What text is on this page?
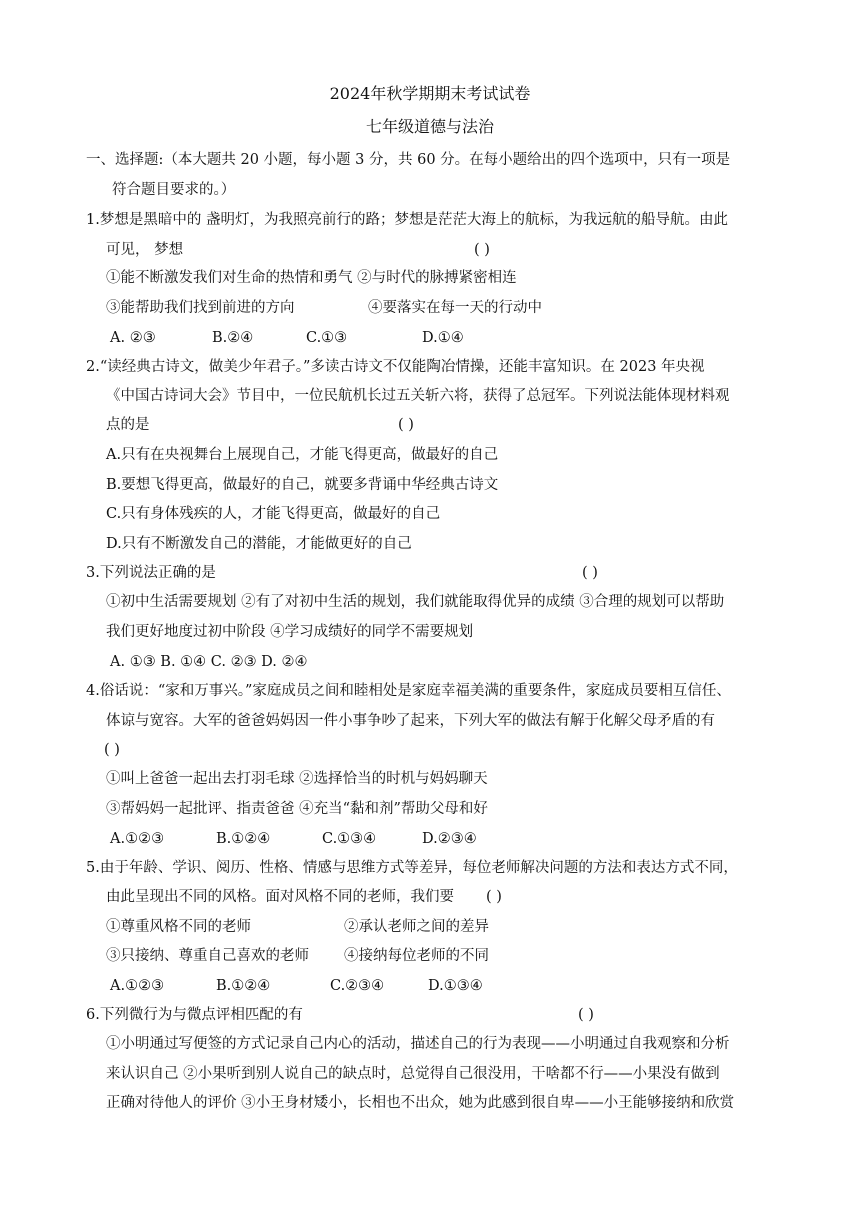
2024年秋学期期末考试试卷
七年级道德与法治
一、选择题:（本大题共 20 小题，每小题 3 分，共 60 分。在每小题给出的四个选项中，只有一项是
符合题目要求的。）
1.梦想是黑暗中的 盏明灯，为我照亮前行的路；梦想是茫茫大海上的航标，为我远航的船导航。由此
可见， 梦想	( )
①能不断激发我们对生命的热情和勇气 ②与时代的脉搏紧密相连
③能帮助我们找到前进的方向	④要落实在每一天的行动中
A. ②③	B.②④	C.①③	D.①④
2.“读经典古诗文，做美少年君子。”多读古诗文不仅能陶冶情操，还能丰富知识。在 2023 年央视
《中国古诗词大会》节目中，一位民航机长过五关斩六将，获得了总冠军。下列说法能体现材料观
点的是	( )
A.只有在央视舞台上展现自己，才能飞得更高，做最好的自己
B.要想飞得更高，做最好的自己，就要多背诵中华经典古诗文
C.只有身体残疾的人，才能飞得更高，做最好的自己
D.只有不断激发自己的潜能，才能做更好的自己
3.下列说法正确的是	( )
①初中生活需要规划 ②有了对初中生活的规划，我们就能取得优异的成绩 ③合理的规划可以帮助
我们更好地度过初中阶段 ④学习成绩好的同学不需要规划
A. ①③ B. ①④ C. ②③ D. ②④
4.俗话说：“家和万事兴。”家庭成员之间和睦相处是家庭幸福美满的重要条件，家庭成员要相互信任、
体谅与宽容。大军的爸爸妈妈因一件小事争吵了起来，下列大军的做法有解于化解父母矛盾的有
( )
①叫上爸爸一起出去打羽毛球 ②选择恰当的时机与妈妈聊天
③帮妈妈一起批评、指责爸爸 ④充当“黏和剂”帮助父母和好
A.①②③	B.①②④	C.①③④	D.②③④
5.由于年龄、学识、阅历、性格、情感与思维方式等差异，每位老师解决问题的方法和表达方式不同，
由此呈现出不同的风格。面对风格不同的老师，我们要 ( )
①尊重风格不同的老师	②承认老师之间的差异
③只接纳、尊重自己喜欢的老师 ④接纳每位老师的不同
A.①②③	B.①②④	C.②③④	D.①③④
6.下列微行为与微点评相匹配的有	( )
①小明通过写便签的方式记录自己内心的活动，描述自己的行为表现——小明通过自我观察和分析
来认识自己 ②小果听到别人说自己的缺点时，总觉得自己很没用，干啥都不行——小果没有做到
正确对待他人的评价 ③小王身材矮小，长相也不出众，她为此感到很自卑——小王能够接纳和欣赏
